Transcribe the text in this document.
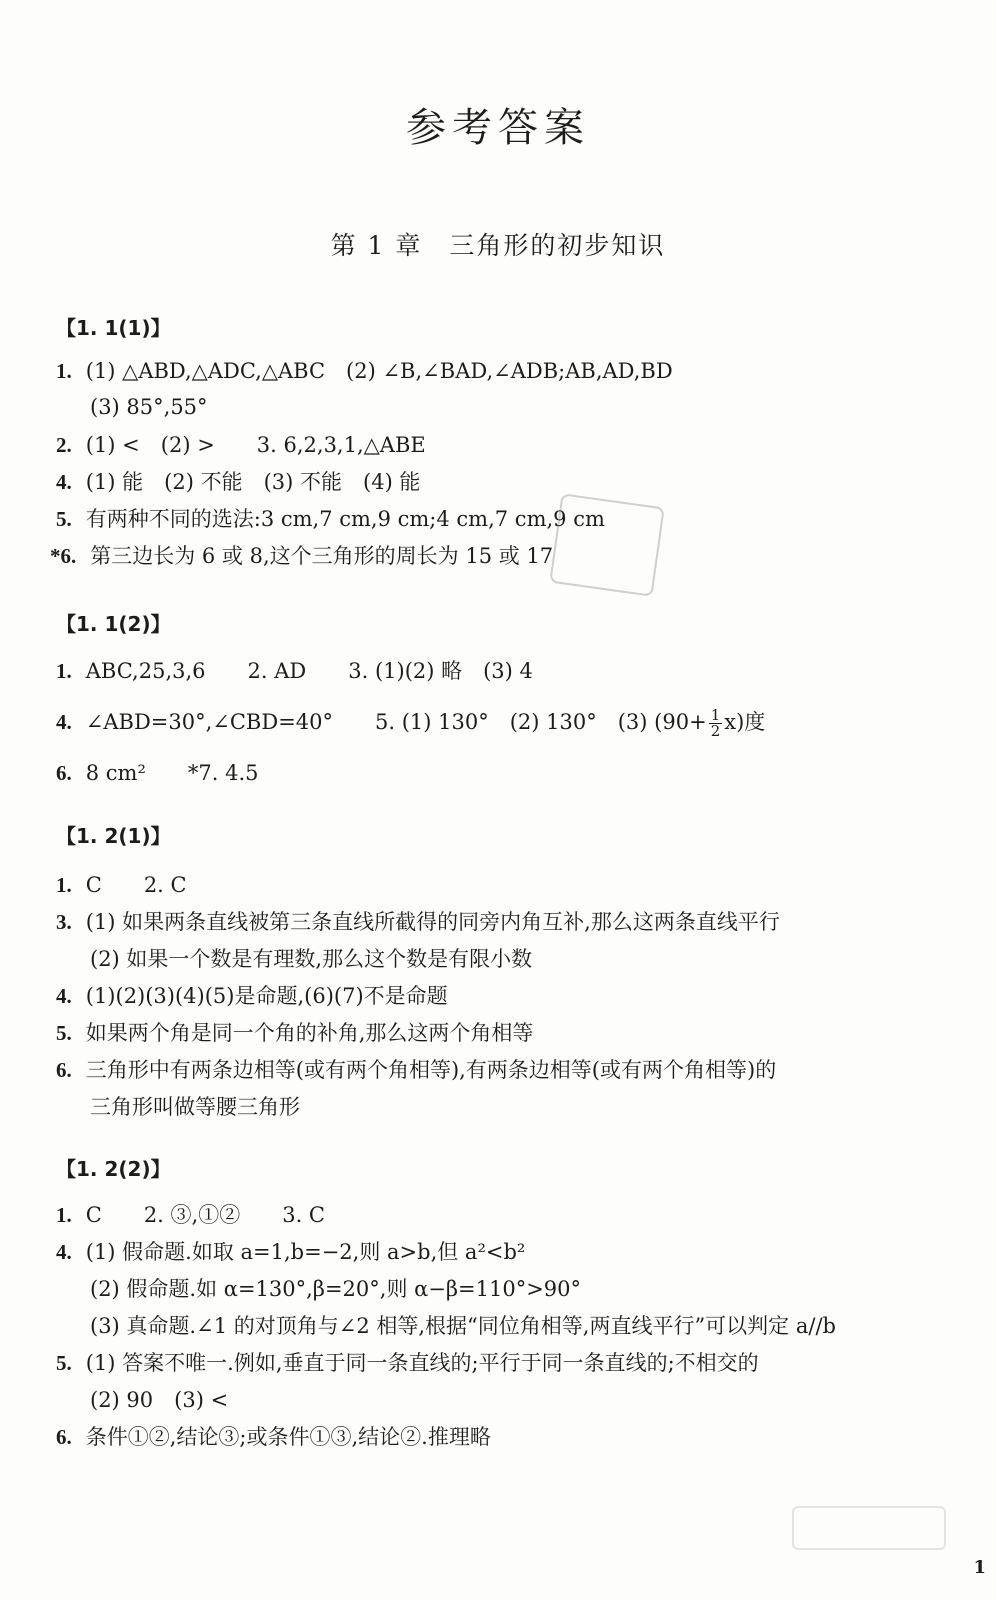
参考答案
第 1 章　三角形的初步知识
【1. 1(1)】
1. (1) △ABD,△ADC,△ABC　(2) ∠B,∠BAD,∠ADB;AB,AD,BD
(3) 85°,55°
2. (1) <　(2) >　　3. 6,2,3,1,△ABE
4. (1) 能　(2) 不能　(3) 不能　(4) 能
5. 有两种不同的选法:3 cm,7 cm,9 cm;4 cm,7 cm,9 cm
*6. 第三边长为 6 或 8,这个三角形的周长为 15 或 17
【1. 1(2)】
1. ABC,25,3,6　　2. AD　　3. (1)(2) 略　(3) 4
4. ∠ABD=30°,∠CBD=40°　　5. (1) 130°　(2) 130°　(3) $(90+ \frac{1}{2} x)$度
6. 8 cm²　　*7. 4.5
【1. 2(1)】
1. C　　2. C
3. (1) 如果两条直线被第三条直线所截得的同旁内角互补,那么这两条直线平行
(2) 如果一个数是有理数,那么这个数是有限小数
4. (1)(2)(3)(4)(5)是命题,(6)(7)不是命题
5. 如果两个角是同一个角的补角,那么这两个角相等
6. 三角形中有两条边相等(或有两个角相等),有两条边相等(或有两个角相等)的
三角形叫做等腰三角形
【1. 2(2)】
1. C　　2. ③,①②　　3. C
4. (1) 假命题.如取 a=1,b=−2,则 a>b,但 a²<b²
(2) 假命题.如 α=130°,β=20°,则 α−β=110°>90°
(3) 真命题.∠1 的对顶角与∠2 相等,根据“同位角相等,两直线平行”可以判定 a//b
5. (1) 答案不唯一.例如,垂直于同一条直线的;平行于同一条直线的;不相交的
(2) 90　(3) <
6. 条件①②,结论③;或条件①③,结论②.推理略
1
